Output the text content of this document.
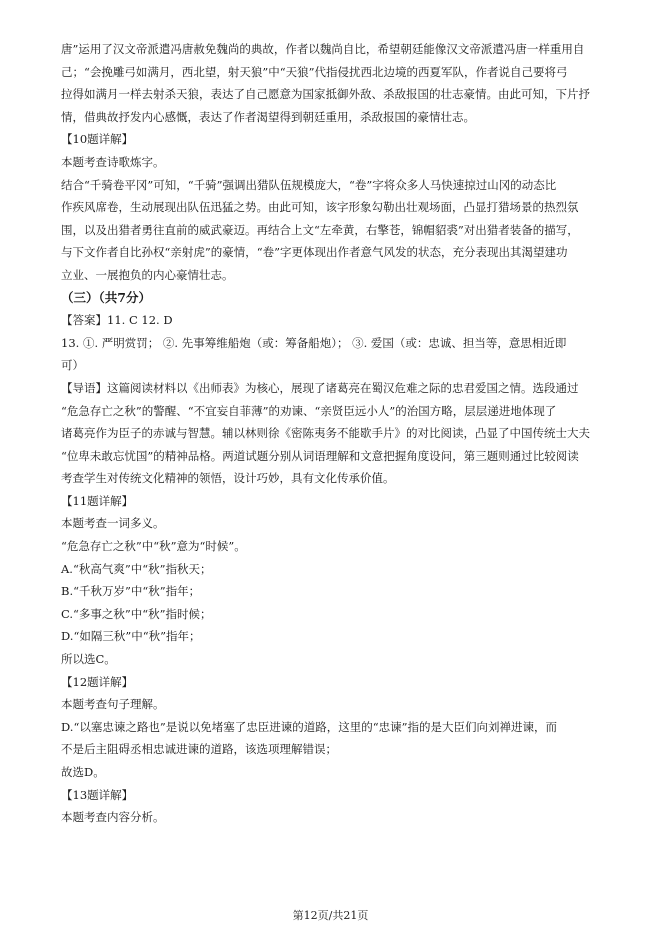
唐”运用了汉文帝派遣冯唐赦免魏尚的典故，作者以魏尚自比，希望朝廷能像汉文帝派遣冯唐一样重用自
己；“会挽雕弓如满月，西北望，射天狼”中“天狼”代指侵扰西北边境的西夏军队，作者说自己要将弓
拉得如满月一样去射杀天狼，表达了自己愿意为国家抵御外敌、杀敌报国的壮志豪情。由此可知，下片抒
情，借典故抒发内心感慨，表达了作者渴望得到朝廷重用，杀敌报国的豪情壮志。
【10题详解】
本题考查诗歌炼字。
结合“千骑卷平冈”可知，“千骑”强调出猎队伍规模庞大，“卷”字将众多人马快速掠过山冈的动态比
作疾风席卷，生动展现出队伍迅猛之势。由此可知，该字形象勾勒出壮观场面，凸显打猎场景的热烈氛
围，以及出猎者勇往直前的威武豪迈。再结合上文“左牵黄，右擎苍，锦帽貂裘”对出猎者装备的描写，
与下文作者自比孙权“亲射虎”的豪情，“卷”字更体现出作者意气风发的状态，充分表现出其渴望建功
立业、一展抱负的内心豪情壮志。
（三）（共7分）
【答案】11. C 12. D
13. ①. 严明赏罚； ②. 先事筹维船炮（或：筹备船炮）； ③. 爱国（或：忠诚、担当等，意思相近即
可）
【导语】这篇阅读材料以《出师表》为核心，展现了诸葛亮在蜀汉危难之际的忠君爱国之情。选段通过
“危急存亡之秋”的警醒、“不宜妄自菲薄”的劝谏、“亲贤臣远小人”的治国方略，层层递进地体现了
诸葛亮作为臣子的赤诚与智慧。辅以林则徐《密陈夷务不能歇手片》的对比阅读，凸显了中国传统士大夫
“位卑未敢忘忧国”的精神品格。两道试题分别从词语理解和文意把握角度设问，第三题则通过比较阅读
考查学生对传统文化精神的领悟，设计巧妙，具有文化传承价值。
【11题详解】
本题考查一词多义。
“危急存亡之秋”中“秋”意为“时候”。
A.“秋高气爽”中“秋”指秋天；
B.“千秋万岁”中“秋”指年；
C.“多事之秋”中“秋”指时候；
D.“如隔三秋”中“秋”指年；
所以选C。
【12题详解】
本题考查句子理解。
D.“以塞忠谏之路也”是说以免堵塞了忠臣进谏的道路，这里的“忠谏”指的是大臣们向刘禅进谏，而
不是后主阻碍丞相忠诚进谏的道路，该选项理解错误；
故选D。
【13题详解】
本题考查内容分析。
第12页/共21页
